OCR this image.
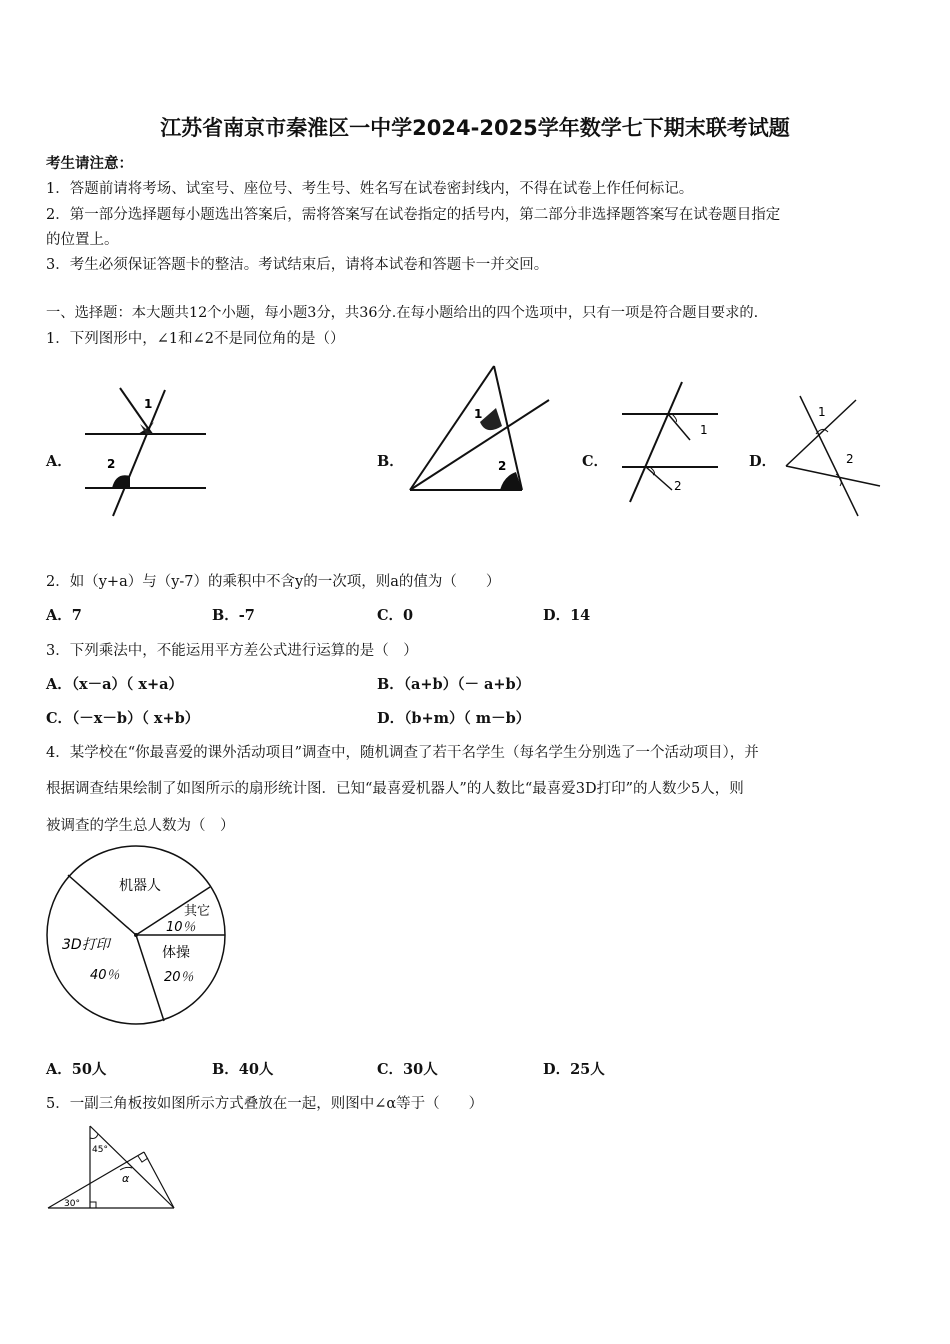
江苏省南京市秦淮区一中学2024-2025学年数学七下期末联考试题
考生请注意：
1．答题前请将考场、试室号、座位号、考生号、姓名写在试卷密封线内，不得在试卷上作任何标记。
2．第一部分选择题每小题选出答案后，需将答案写在试卷指定的括号内，第二部分非选择题答案写在试卷题目指定
的位置上。
3．考生必须保证答题卡的整洁。考试结束后，请将本试卷和答题卡一并交回。
一、选择题：本大题共12个小题，每小题3分，共36分.在每小题给出的四个选项中，只有一项是符合题目要求的.
1．下列图形中，∠1和∠2不是同位角的是（）
A．	B．	C．	D．
1
2
1
2
1
2
1
2
2．如（y+a）与（y-7）的乘积中不含y的一次项，则a的值为（　　）
A．7	B．-7	C．0	D．14
3．下列乘法中，不能运用平方差公式进行运算的是（　）
A．（x－a）（ x+a）	B．（a+b）（－ a+b）
C．（－x－b）（ x+b）	D．（b+m）（ m－b）
4．某学校在“你最喜爱的课外活动项目”调查中，随机调查了若干名学生（每名学生分别选了一个活动项目），并
根据调查结果绘制了如图所示的扇形统计图．已知“最喜爱机器人”的人数比“最喜爱3D打印”的人数少5人，则
被调查的学生总人数为（　）
机器人
其它
10％
3D打印
40％
体操
20％
A．50人	B．40人	C．30人	D．25人
5．一副三角板按如图所示方式叠放在一起，则图中∠α等于（　　）
45°
30°
α
